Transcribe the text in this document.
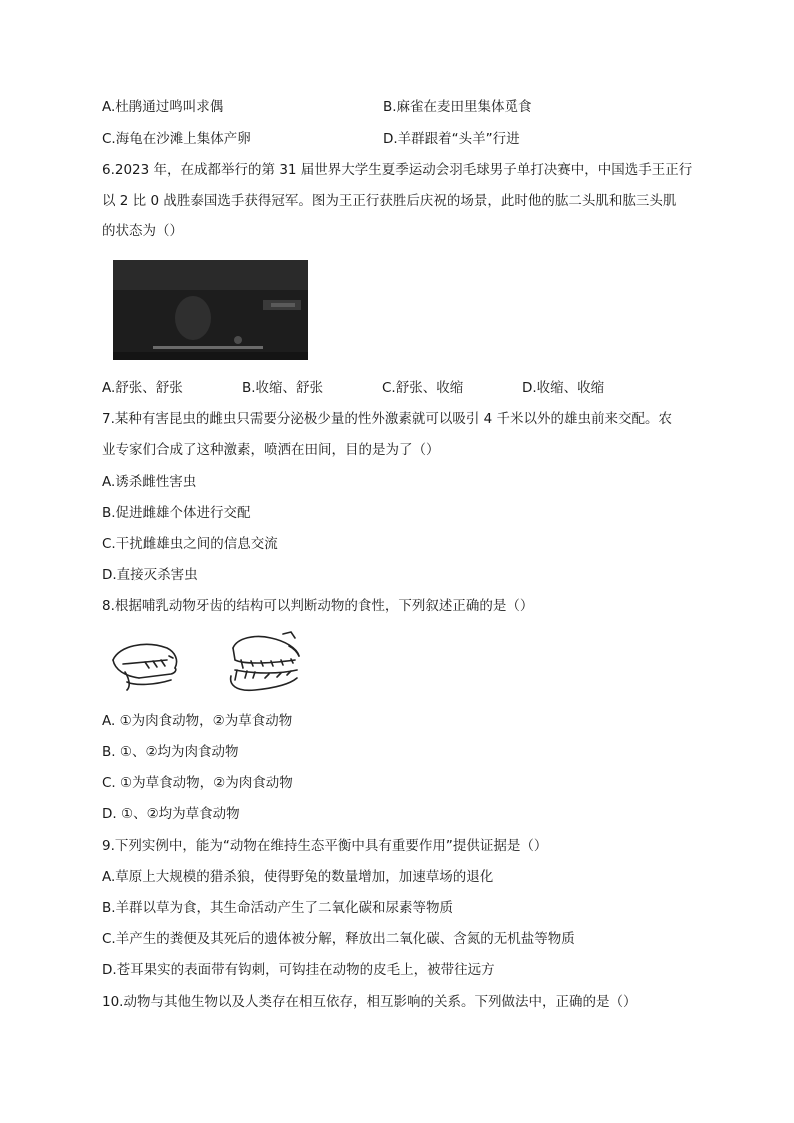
A.杜鹃通过鸣叫求偶	B.麻雀在麦田里集体觅食
C.海龟在沙滩上集体产卵	D.羊群跟着“头羊”行进
6.2023 年，在成都举行的第 31 届世界大学生夏季运动会羽毛球男子单打决赛中，中国选手王正行
以 2 比 0 战胜泰国选手获得冠军。图为王正行获胜后庆祝的场景，此时他的肱二头肌和肱三头肌
的状态为（）
A.舒张、舒张	B.收缩、舒张	C.舒张、收缩	D.收缩、收缩
7.某种有害昆虫的雌虫只需要分泌极少量的性外激素就可以吸引 4 千米以外的雄虫前来交配。农
业专家们合成了这种激素，喷洒在田间，目的是为了（）
A.诱杀雌性害虫
B.促进雌雄个体进行交配
C.干扰雌雄虫之间的信息交流
D.直接灭杀害虫
8.根据哺乳动物牙齿的结构可以判断动物的食性，下列叙述正确的是（）
A. ①为肉食动物，②为草食动物
B. ①、②均为肉食动物
C. ①为草食动物，②为肉食动物
D. ①、②均为草食动物
9.下列实例中，能为“动物在维持生态平衡中具有重要作用”提供证据是（）
A.草原上大规模的猎杀狼，使得野兔的数量增加，加速草场的退化
B.羊群以草为食，其生命活动产生了二氧化碳和尿素等物质
C.羊产生的粪便及其死后的遗体被分解，释放出二氧化碳、含氮的无机盐等物质
D.苍耳果实的表面带有钩刺，可钩挂在动物的皮毛上，被带往远方
10.动物与其他生物以及人类存在相互依存，相互影响的关系。下列做法中，正确的是（）
